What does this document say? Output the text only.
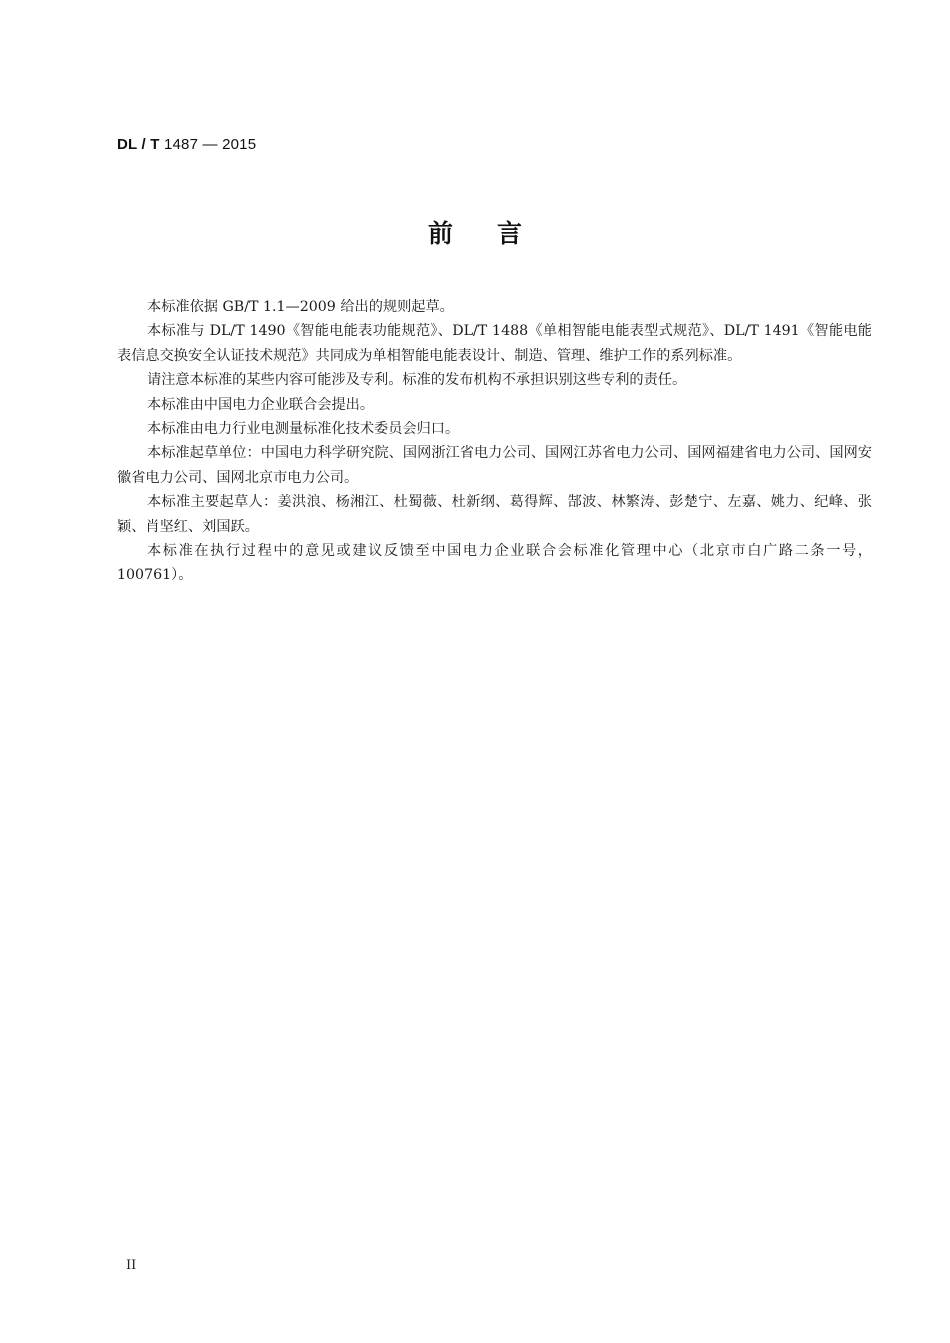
DL / T 1487 — 2015
前言

本标准依据 GB/T 1.1—2009 给出的规则起草。

本标准与 DL/T 1490《智能电能表功能规范》、DL/T 1488《单相智能电能表型式规范》、DL/T 1491《智能电能表信息交换安全认证技术规范》共同成为单相智能电能表设计、制造、管理、维护工作的系列标准。

请注意本标准的某些内容可能涉及专利。标准的发布机构不承担识别这些专利的责任。

本标准由中国电力企业联合会提出。

本标准由电力行业电测量标准化技术委员会归口。

本标准起草单位：中国电力科学研究院、国网浙江省电力公司、国网江苏省电力公司、国网福建省电力公司、国网安徽省电力公司、国网北京市电力公司。

本标准主要起草人：姜洪浪、杨湘江、杜蜀薇、杜新纲、葛得辉、郜波、林繁涛、彭楚宁、左嘉、姚力、纪峰、张颖、肖坚红、刘国跃。

本标准在执行过程中的意见或建议反馈至中国电力企业联合会标准化管理中心（北京市白广路二条一号，100761）。

II
